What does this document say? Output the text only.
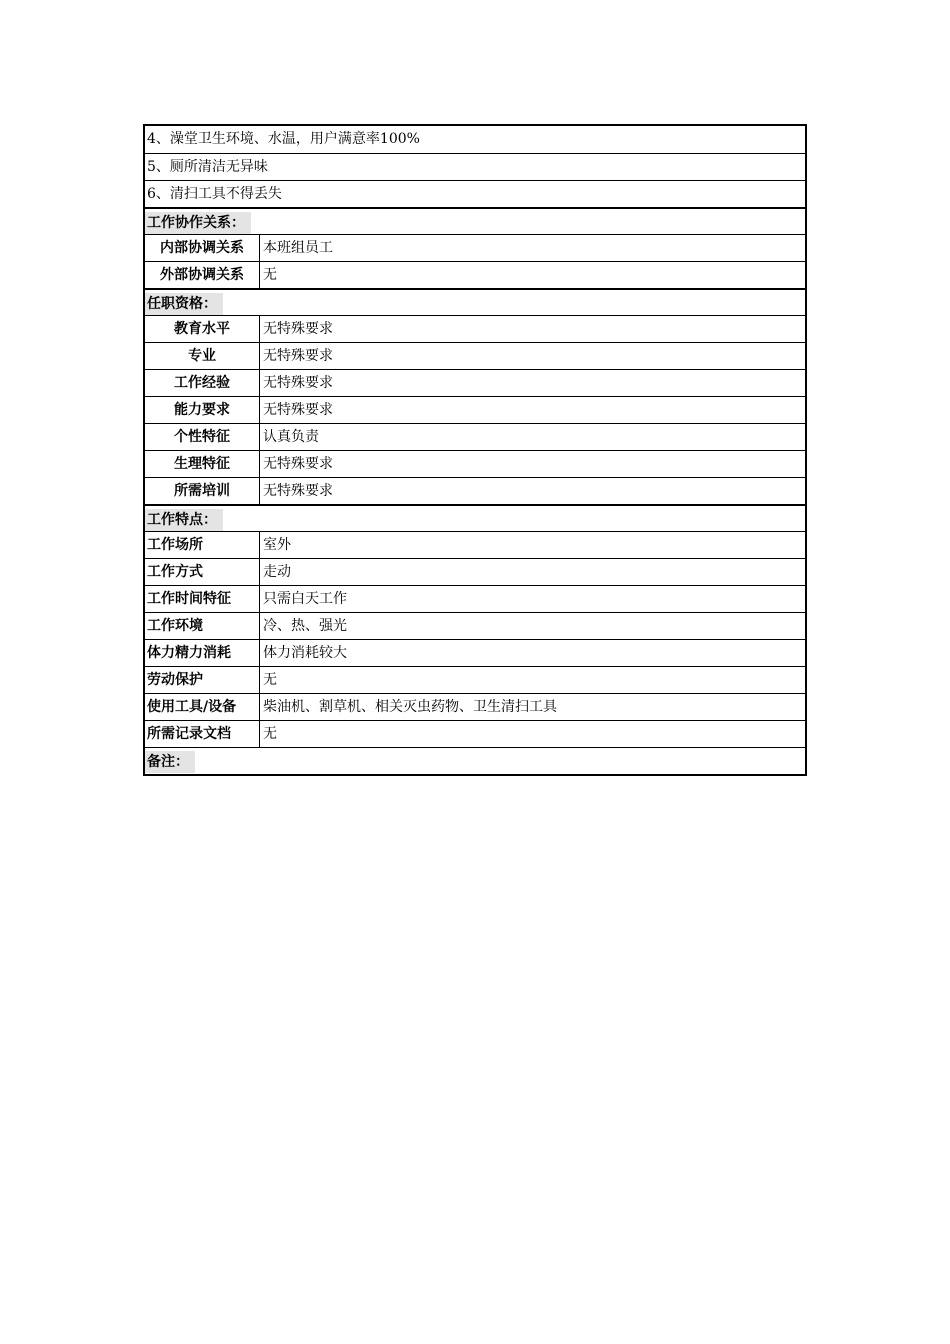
4、澡堂卫生环境、水温，用户满意率100%
5、厕所清洁无异味
6、清扫工具不得丢失
工作协作关系：
内部协调关系	本班组员工
外部协调关系	无
任职资格：
教育水平	无特殊要求
专业	无特殊要求
工作经验	无特殊要求
能力要求	无特殊要求
个性特征	认真负责
生理特征	无特殊要求
所需培训	无特殊要求
工作特点：
工作场所	室外
工作方式	走动
工作时间特征	只需白天工作
工作环境	冷、热、强光
体力精力消耗	体力消耗较大
劳动保护	无
使用工具/设备	柴油机、割草机、相关灭虫药物、卫生清扫工具
所需记录文档	无
备注：
